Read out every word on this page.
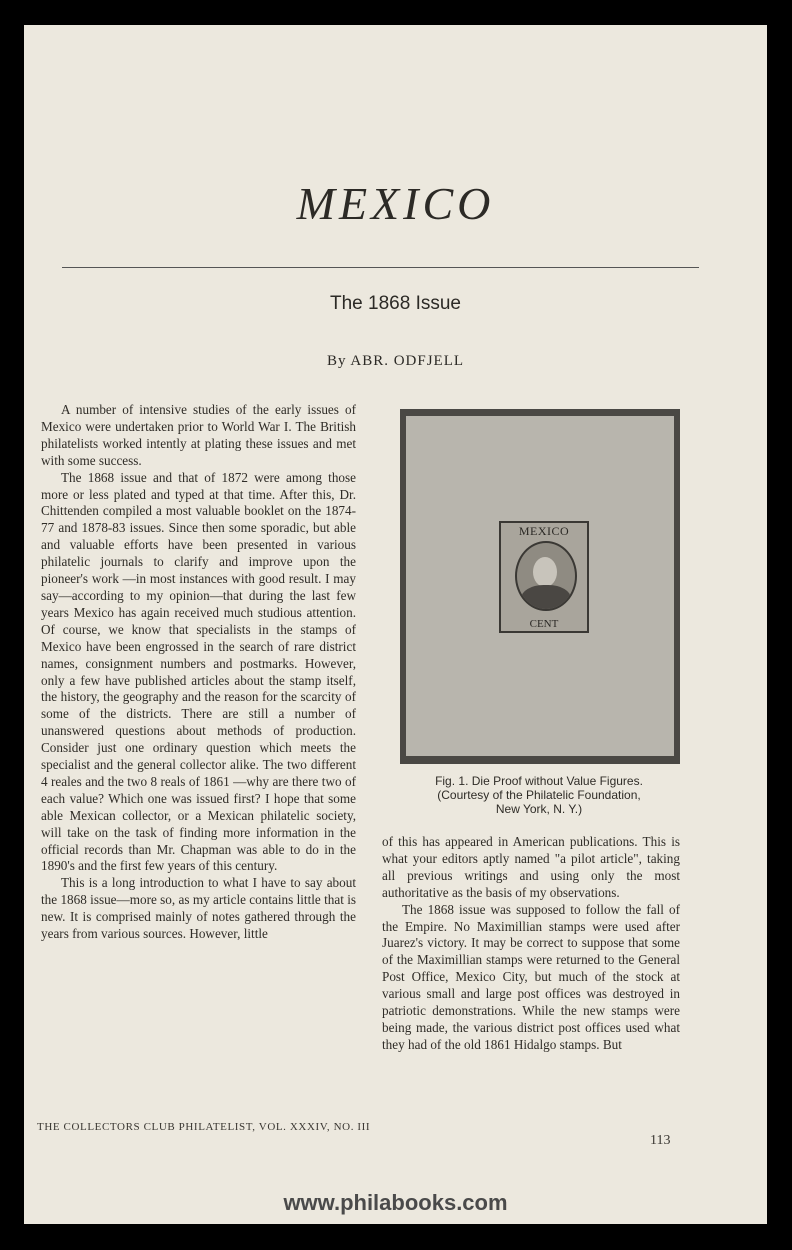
MEXICO
The 1868 Issue
By ABR. ODFJELL

A number of intensive studies of the early issues of Mexico were undertaken prior to World War I. The British philatelists worked intently at plating these issues and met with some success.

The 1868 issue and that of 1872 were among those more or less plated and typed at that time. After this, Dr. Chittenden compiled a most valuable booklet on the 1874-77 and 1878-83 issues. Since then some sporadic, but able and valuable efforts have been presented in various philatelic journals to clarify and improve upon the pioneer's work —in most instances with good result. I may say—according to my opinion—that during the last few years Mexico has again received much studious attention. Of course, we know that specialists in the stamps of Mexico have been engrossed in the search of rare district names, consignment numbers and postmarks. However, only a few have published articles about the stamp itself, the history, the geography and the reason for the scarcity of some of the districts. There are still a number of unanswered questions about methods of production. Consider just one ordinary question which meets the specialist and the general collector alike. The two different 4 reales and the two 8 reals of 1861 —why are there two of each value? Which one was issued first? I hope that some able Mexican collector, or a Mexican philatelic society, will take on the task of finding more information in the official records than Mr. Chapman was able to do in the 1890's and the first few years of this century.

This is a long introduction to what I have to say about the 1868 issue—more so, as my article contains little that is new. It is comprised mainly of notes gathered through the years from various sources. However, little

MEXICO
CENT
Fig. 1. Die Proof without Value Figures.
(Courtesy of the Philatelic Foundation,
New York, N. Y.)

of this has appeared in American publications. This is what your editors aptly named "a pilot article", taking all previous writings and using only the most authoritative as the basis of my observations.

The 1868 issue was supposed to follow the fall of the Empire. No Maximillian stamps were used after Juarez's victory. It may be correct to suppose that some of the Maximillian stamps were returned to the General Post Office, Mexico City, but much of the stock at various small and large post offices was destroyed in patriotic demonstrations. While the new stamps were being made, the various district post offices used what they had of the old 1861 Hidalgo stamps. But

THE COLLECTORS CLUB PHILATELIST, VOL. XXXIV, NO. III
113
www.philabooks.com
